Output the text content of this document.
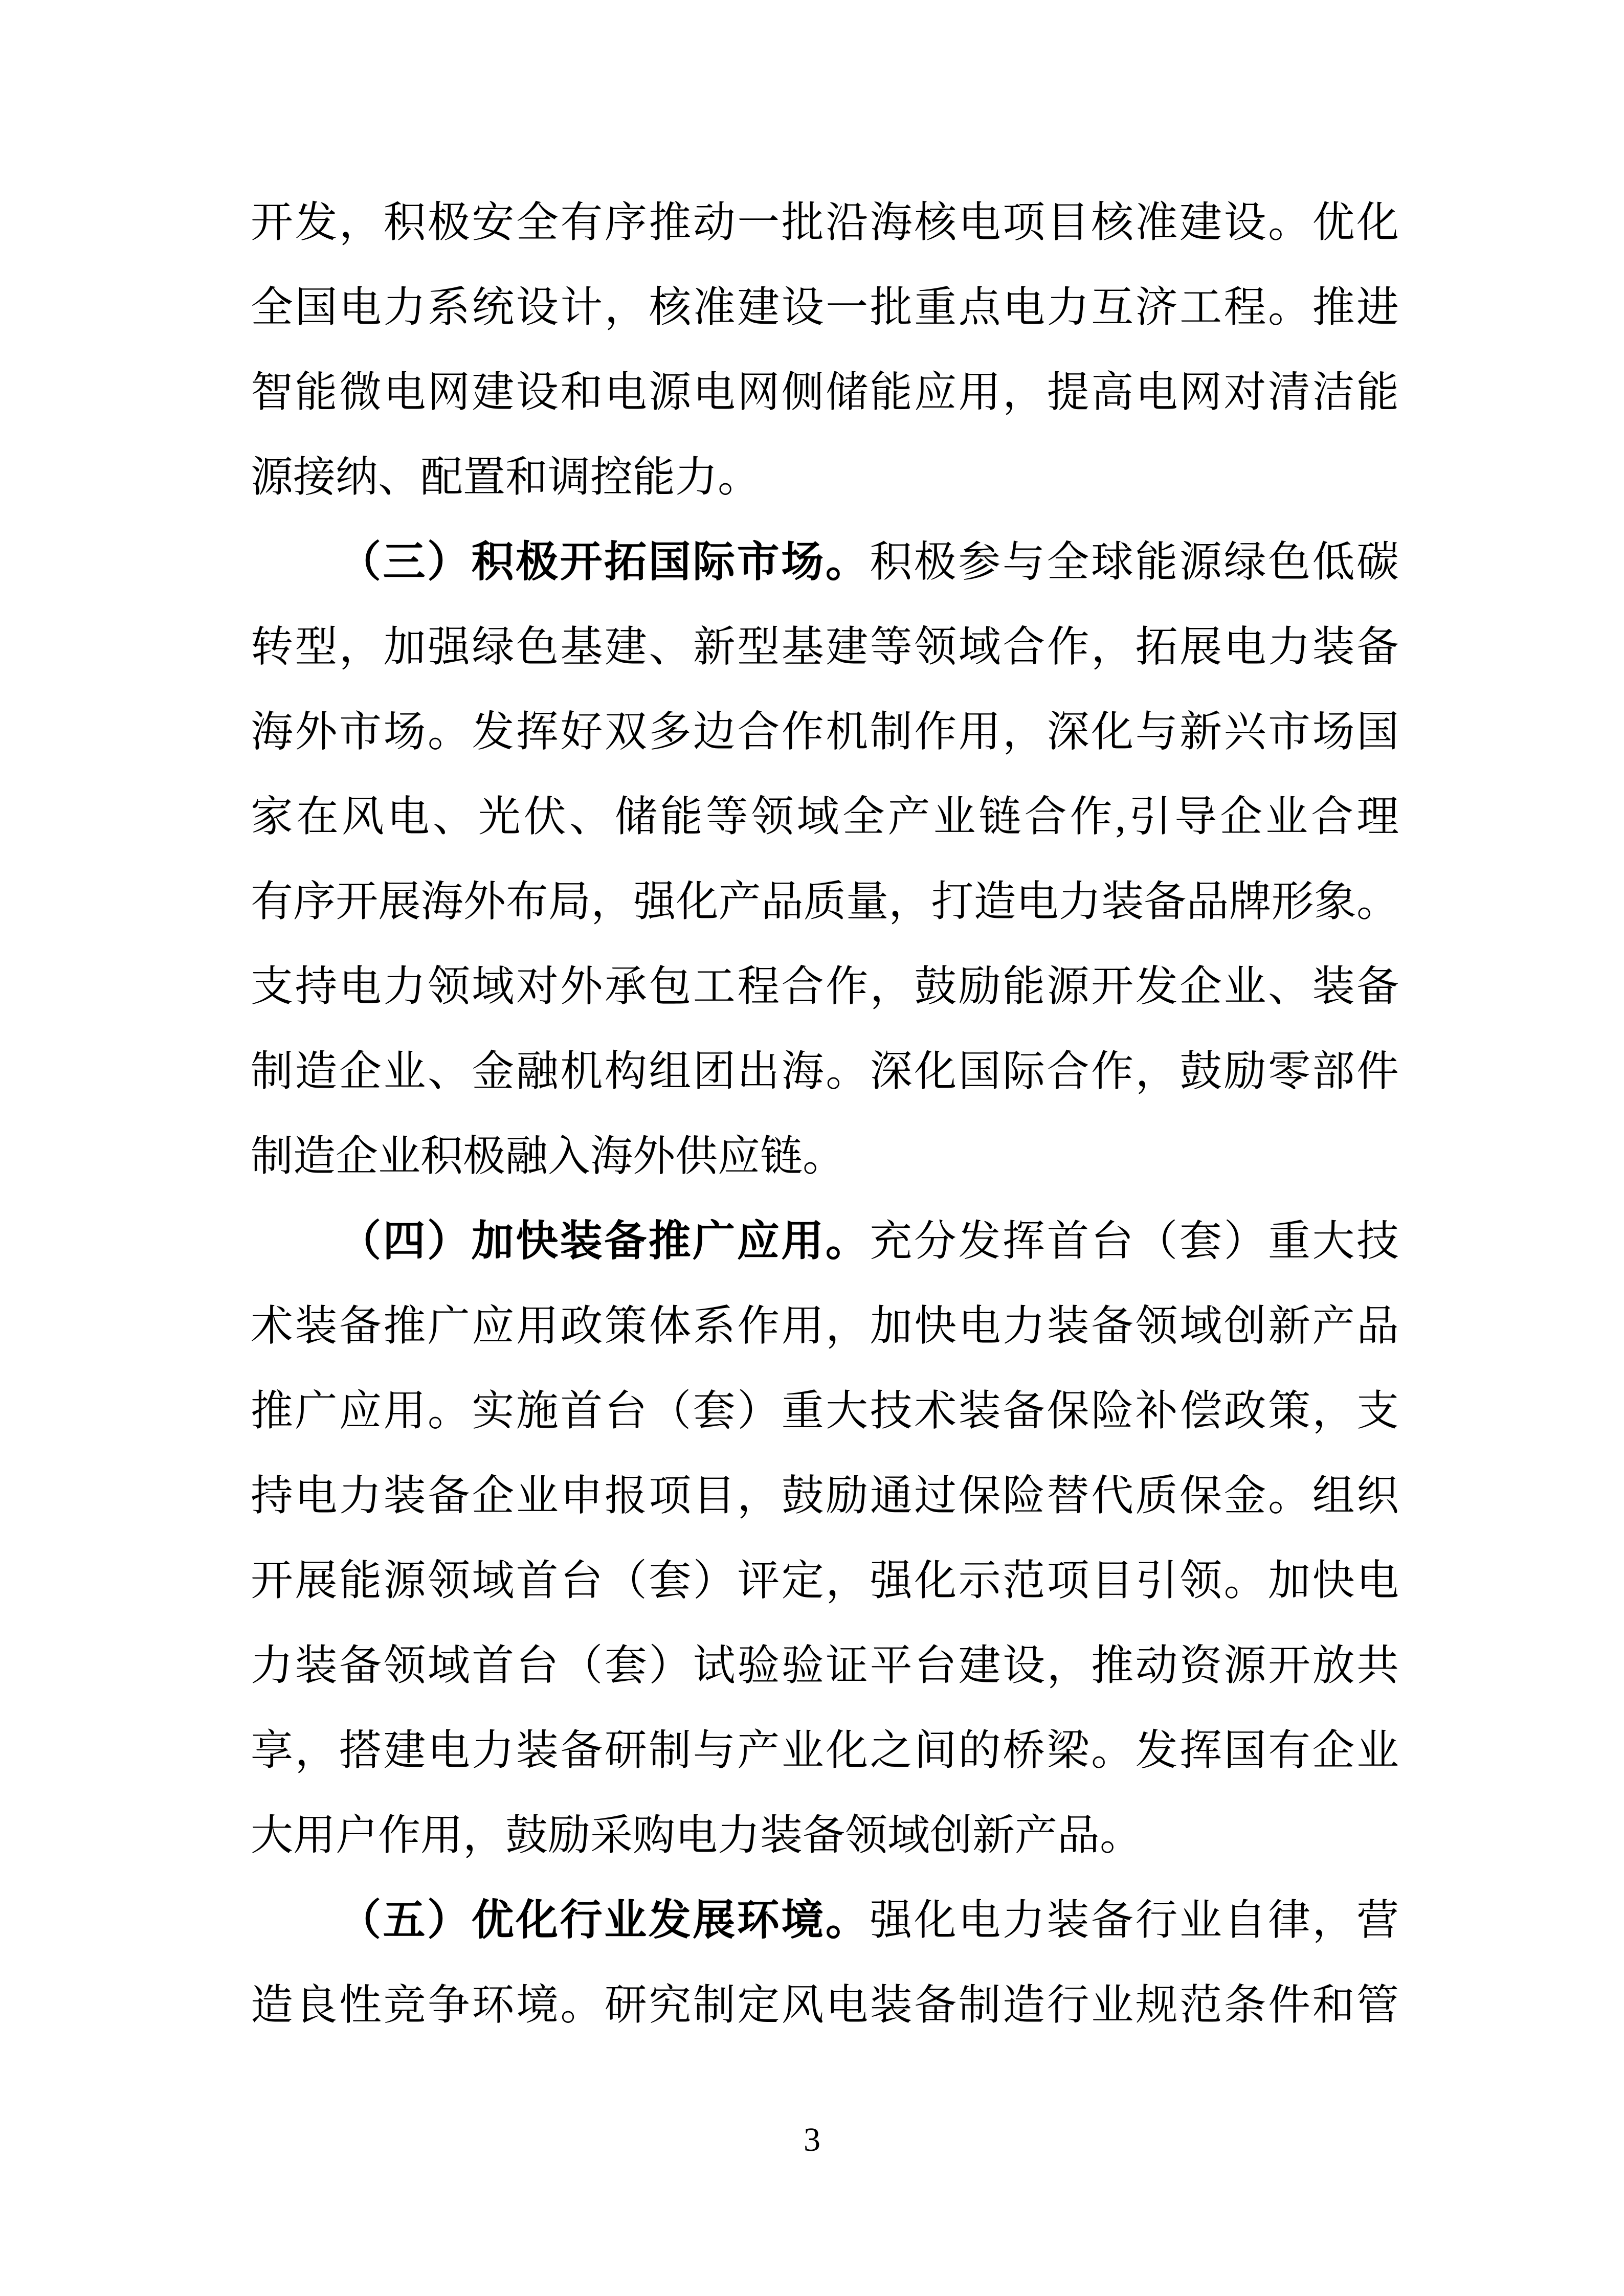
开发，积极安全有序推动一批沿海核电项目核准建设。优化
全国电力系统设计，核准建设一批重点电力互济工程。推进
智能微电网建设和电源电网侧储能应用，提高电网对清洁能
源接纳、配置和调控能力。
（三）积极开拓国际市场。积极参与全球能源绿色低碳
转型，加强绿色基建、新型基建等领域合作，拓展电力装备
海外市场。发挥好双多边合作机制作用，深化与新兴市场国
家在风电、光伏、储能等领域全产业链合作,引导企业合理
有序开展海外布局，强化产品质量，打造电力装备品牌形象。
支持电力领域对外承包工程合作，鼓励能源开发企业、装备
制造企业、金融机构组团出海。深化国际合作，鼓励零部件
制造企业积极融入海外供应链。
（四）加快装备推广应用。充分发挥首台（套）重大技
术装备推广应用政策体系作用，加快电力装备领域创新产品
推广应用。实施首台（套）重大技术装备保险补偿政策，支
持电力装备企业申报项目，鼓励通过保险替代质保金。组织
开展能源领域首台（套）评定，强化示范项目引领。加快电
力装备领域首台（套）试验验证平台建设，推动资源开放共
享，搭建电力装备研制与产业化之间的桥梁。发挥国有企业
大用户作用，鼓励采购电力装备领域创新产品。
（五）优化行业发展环境。强化电力装备行业自律，营
造良性竞争环境。研究制定风电装备制造行业规范条件和管
3
